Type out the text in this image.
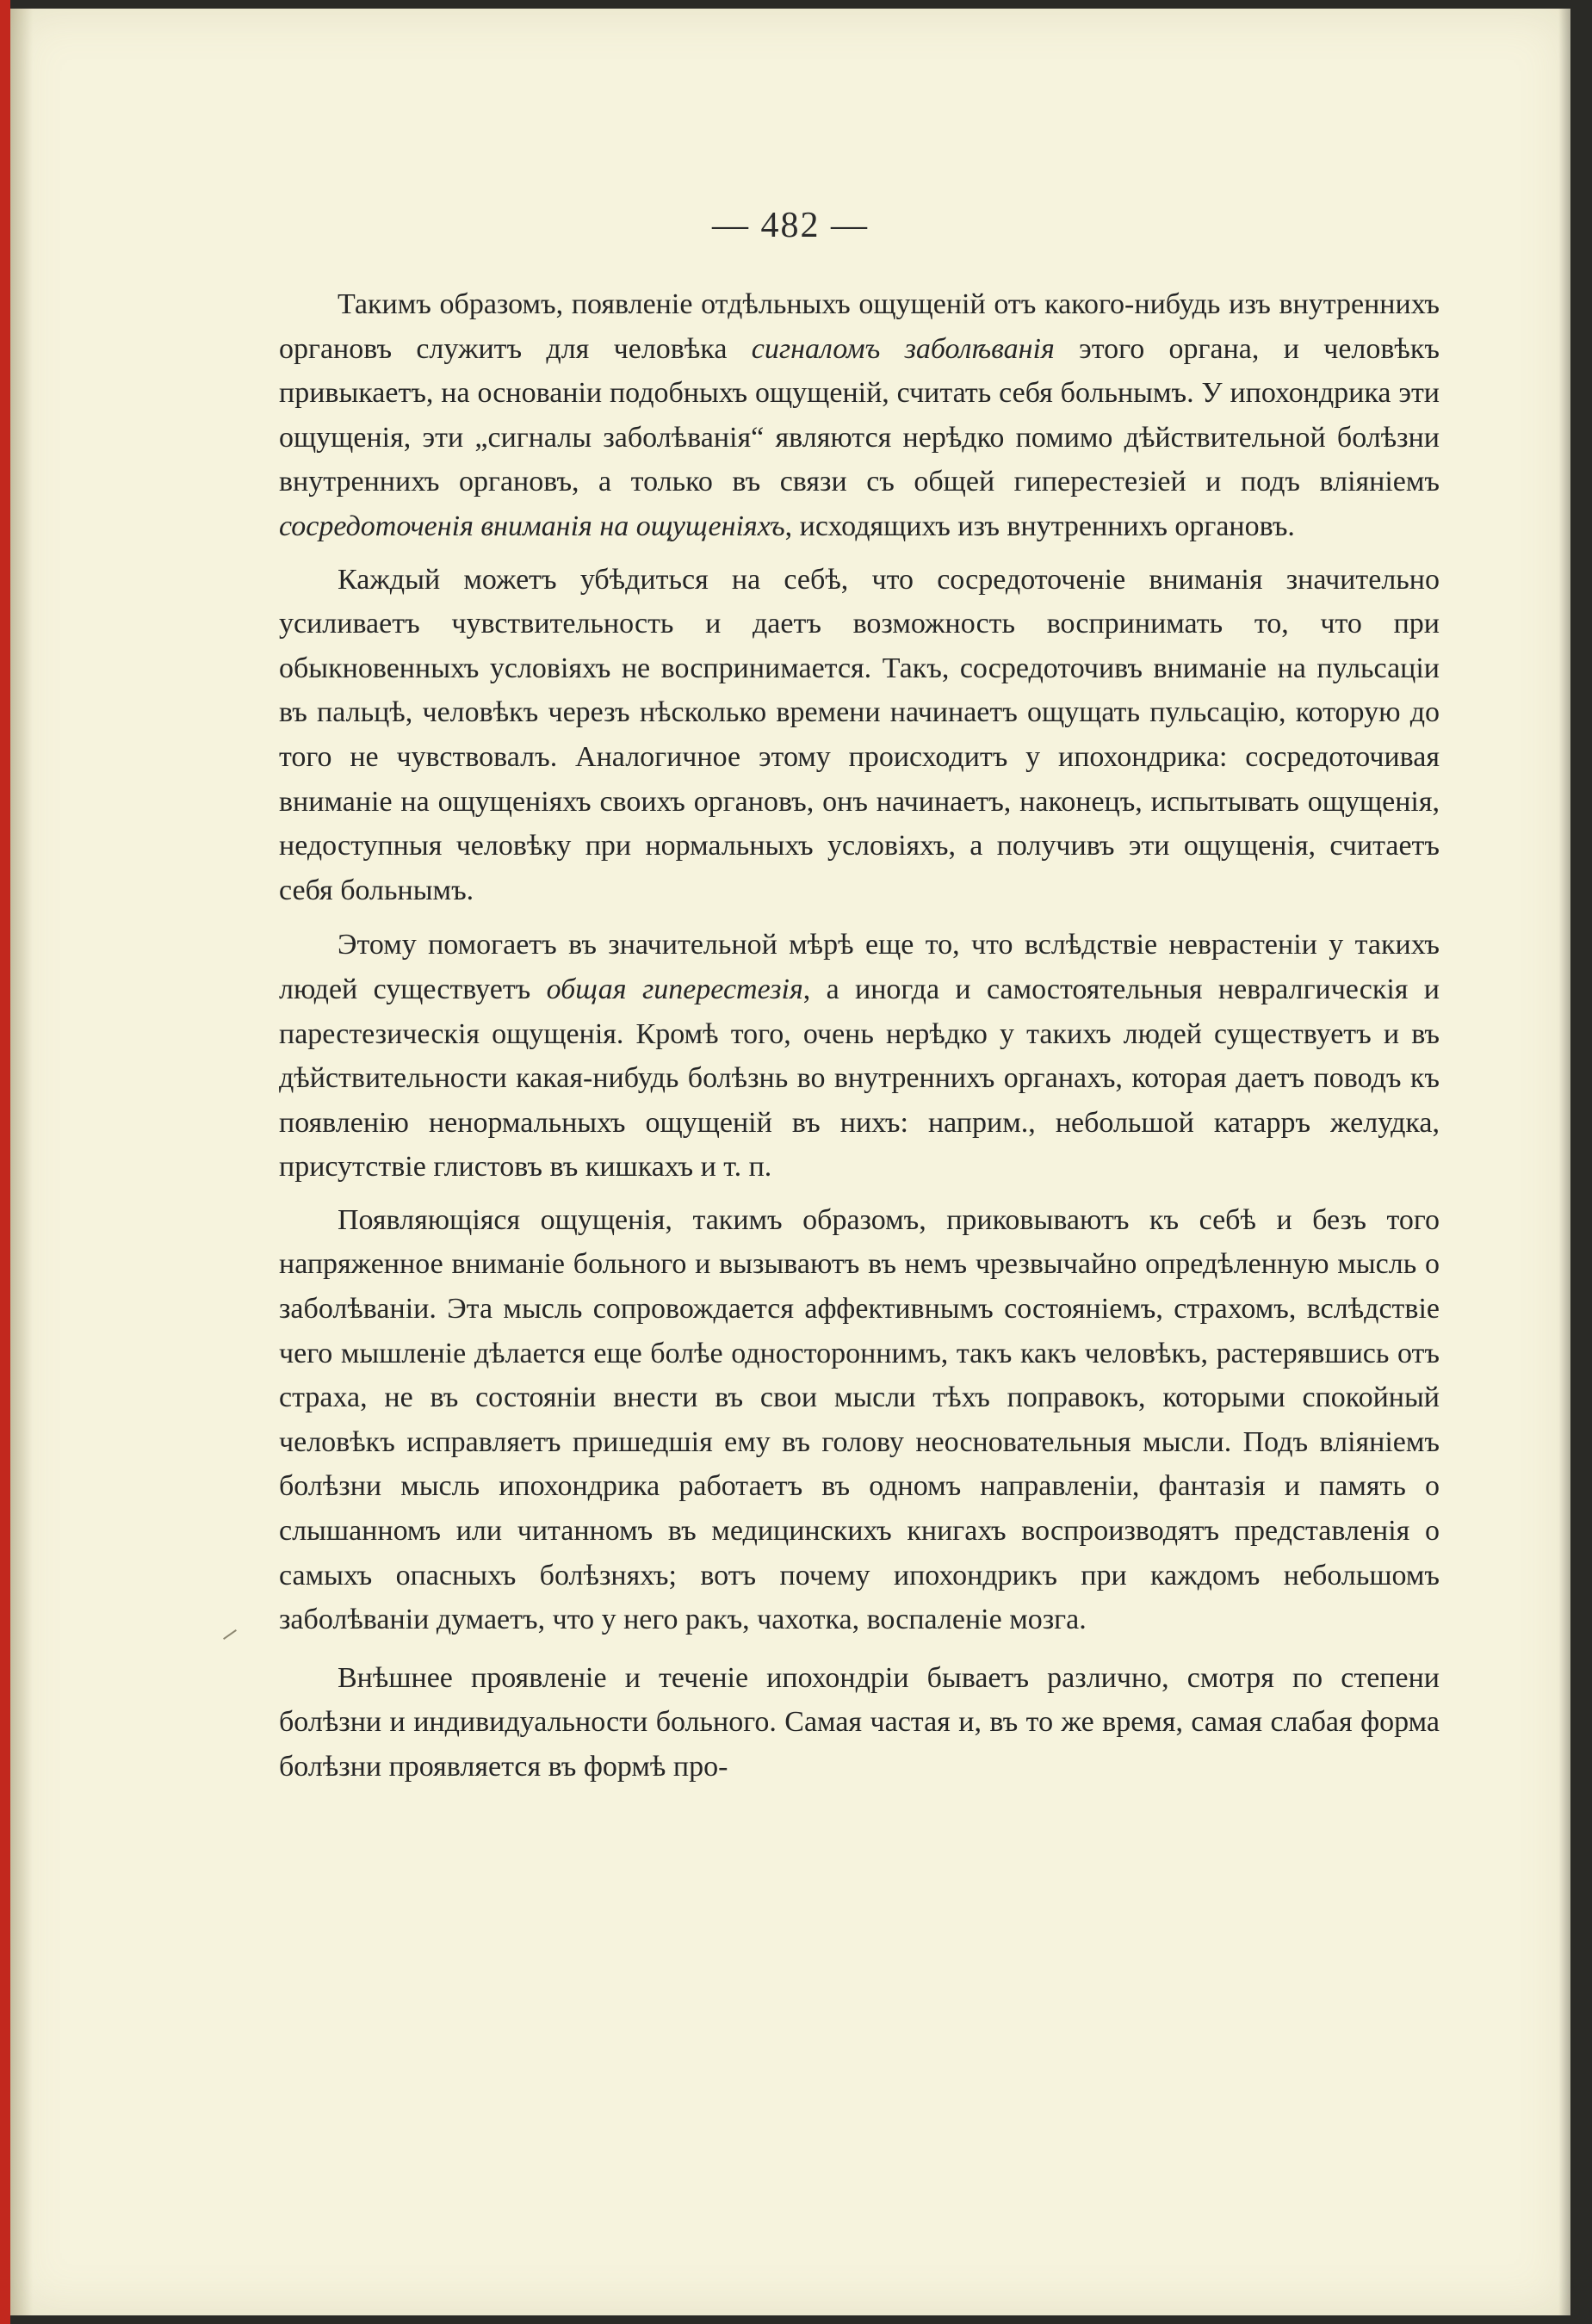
— 482 —

Такимъ образомъ, появленіе отдѣльныхъ ощущеній отъ какого-нибудь изъ внутреннихъ органовъ служитъ для человѣка сигналомъ заболѣванія этого органа, и человѣкъ привыкаетъ, на основаніи подобныхъ ощущеній, считать себя больнымъ. У ипохондрика эти ощущенія, эти „сигналы заболѣванія“ являются нерѣдко помимо дѣйствительной болѣзни внутреннихъ органовъ, а только въ связи съ общей гиперестезіей и подъ вліяніемъ сосредоточенія вниманія на ощущеніяхъ, исходящихъ изъ внутреннихъ органовъ.

Каждый можетъ убѣдиться на себѣ, что сосредоточеніе вниманія значительно усиливаетъ чувствительность и даетъ возможность воспринимать то, что при обыкновенныхъ условіяхъ не воспринимается. Такъ, сосредоточивъ вниманіе на пульсаціи въ пальцѣ, человѣкъ черезъ нѣсколько времени начинаетъ ощущать пульсацію, которую до того не чувствовалъ. Аналогичное этому происходитъ у ипохондрика: сосредоточивая вниманіе на ощущеніяхъ своихъ органовъ, онъ начинаетъ, наконецъ, испытывать ощущенія, недоступныя человѣку при нормальныхъ условіяхъ, а получивъ эти ощущенія, считаетъ себя больнымъ.

Этому помогаетъ въ значительной мѣрѣ еще то, что вслѣдствіе неврастеніи у такихъ людей существуетъ общая гиперестезія, а иногда и самостоятельныя невралгическія и парестезическія ощущенія. Кромѣ того, очень нерѣдко у такихъ людей существуетъ и въ дѣйствительности какая-нибудь болѣзнь во внутреннихъ органахъ, которая даетъ поводъ къ появленію ненормальныхъ ощущеній въ нихъ: наприм., небольшой катарръ желудка, присутствіе глистовъ въ кишкахъ и т. п.

Появляющіяся ощущенія, такимъ образомъ, приковываютъ къ себѣ и безъ того напряженное вниманіе больного и вызываютъ въ немъ чрезвычайно опредѣленную мысль о заболѣваніи. Эта мысль сопровождается аффективнымъ состояніемъ, страхомъ, вслѣдствіе чего мышленіе дѣлается еще болѣе одностороннимъ, такъ какъ человѣкъ, растерявшись отъ страха, не въ состояніи внести въ свои мысли тѣхъ поправокъ, которыми спокойный человѣкъ исправляетъ пришедшія ему въ голову неосновательныя мысли. Подъ вліяніемъ болѣзни мысль ипохондрика работаетъ въ одномъ направленіи, фантазія и память о слышанномъ или читанномъ въ медицинскихъ книгахъ воспроизводятъ представленія о самыхъ опасныхъ болѣзняхъ; вотъ почему ипохондрикъ при каждомъ небольшомъ заболѣваніи думаетъ, что у него ракъ, чахотка, воспаленіе мозга.

Внѣшнее проявленіе и теченіе ипохондріи бываетъ различно, смотря по степени болѣзни и индивидуальности больного. Самая частая и, въ то же время, самая слабая форма болѣзни проявляется въ формѣ про-
